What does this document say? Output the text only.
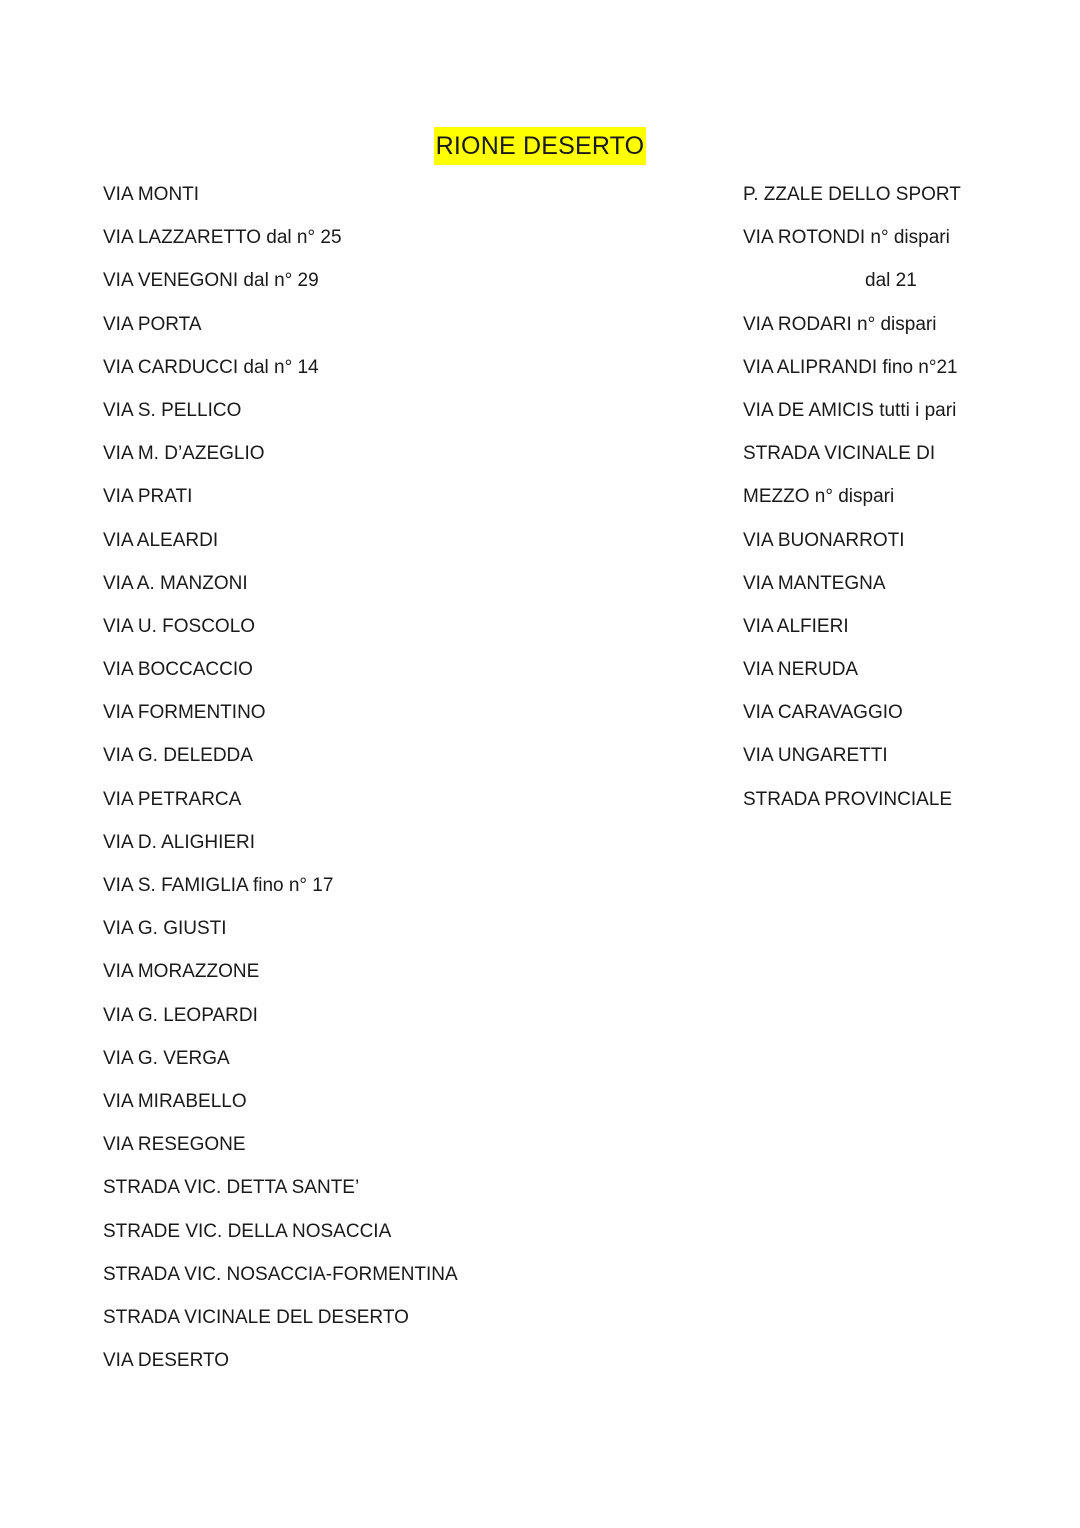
RIONE DESERTO
VIA MONTI
VIA LAZZARETTO dal n° 25
VIA VENEGONI dal n° 29
VIA PORTA
VIA CARDUCCI dal n° 14
VIA S. PELLICO
VIA M. D’AZEGLIO
VIA PRATI
VIA ALEARDI
VIA A. MANZONI
VIA U. FOSCOLO
VIA BOCCACCIO
VIA FORMENTINO
VIA G. DELEDDA
VIA PETRARCA
VIA D. ALIGHIERI
VIA S. FAMIGLIA fino n° 17
VIA G. GIUSTI
VIA MORAZZONE
VIA G. LEOPARDI
VIA G. VERGA
VIA MIRABELLO
VIA RESEGONE
STRADA VIC. DETTA SANTE’
STRADE VIC. DELLA NOSACCIA
STRADA VIC. NOSACCIA-FORMENTINA
STRADA VICINALE DEL DESERTO
VIA DESERTO
P. ZZALE DELLO SPORT
VIA ROTONDI n° dispari
dal 21
VIA RODARI n° dispari
VIA ALIPRANDI fino n°21
VIA DE AMICIS tutti i pari
STRADA VICINALE DI
MEZZO n° dispari
VIA BUONARROTI
VIA MANTEGNA
VIA ALFIERI
VIA NERUDA
VIA CARAVAGGIO
VIA UNGARETTI
STRADA PROVINCIALE
